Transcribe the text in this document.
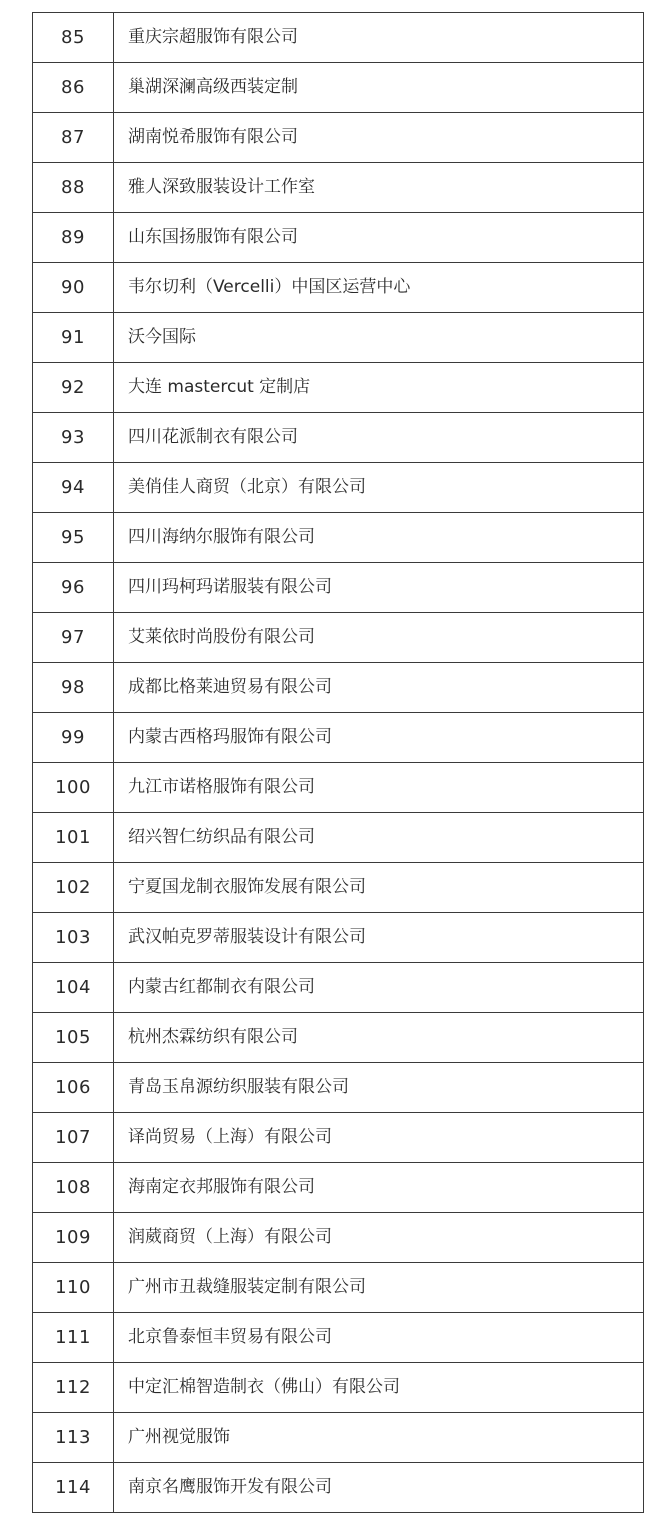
85	重庆宗超服饰有限公司
86	巢湖深澜高级西装定制
87	湖南悦希服饰有限公司
88	雅人深致服装设计工作室
89	山东国扬服饰有限公司
90	韦尔切利（Vercelli）中国区运营中心
91	沃今国际
92	大连 mastercut 定制店
93	四川花派制衣有限公司
94	美俏佳人商贸（北京）有限公司
95	四川海纳尔服饰有限公司
96	四川玛柯玛诺服装有限公司
97	艾莱依时尚股份有限公司
98	成都比格莱迪贸易有限公司
99	内蒙古西格玛服饰有限公司
100	九江市诺格服饰有限公司
101	绍兴智仁纺织品有限公司
102	宁夏国龙制衣服饰发展有限公司
103	武汉帕克罗蒂服装设计有限公司
104	内蒙古红都制衣有限公司
105	杭州杰霖纺织有限公司
106	青岛玉帛源纺织服装有限公司
107	译尚贸易（上海）有限公司
108	海南定衣邦服饰有限公司
109	润葳商贸（上海）有限公司
110	广州市丑裁缝服装定制有限公司
111	北京鲁泰恒丰贸易有限公司
112	中定汇棉智造制衣（佛山）有限公司
113	广州视觉服饰
114	南京名鹰服饰开发有限公司
